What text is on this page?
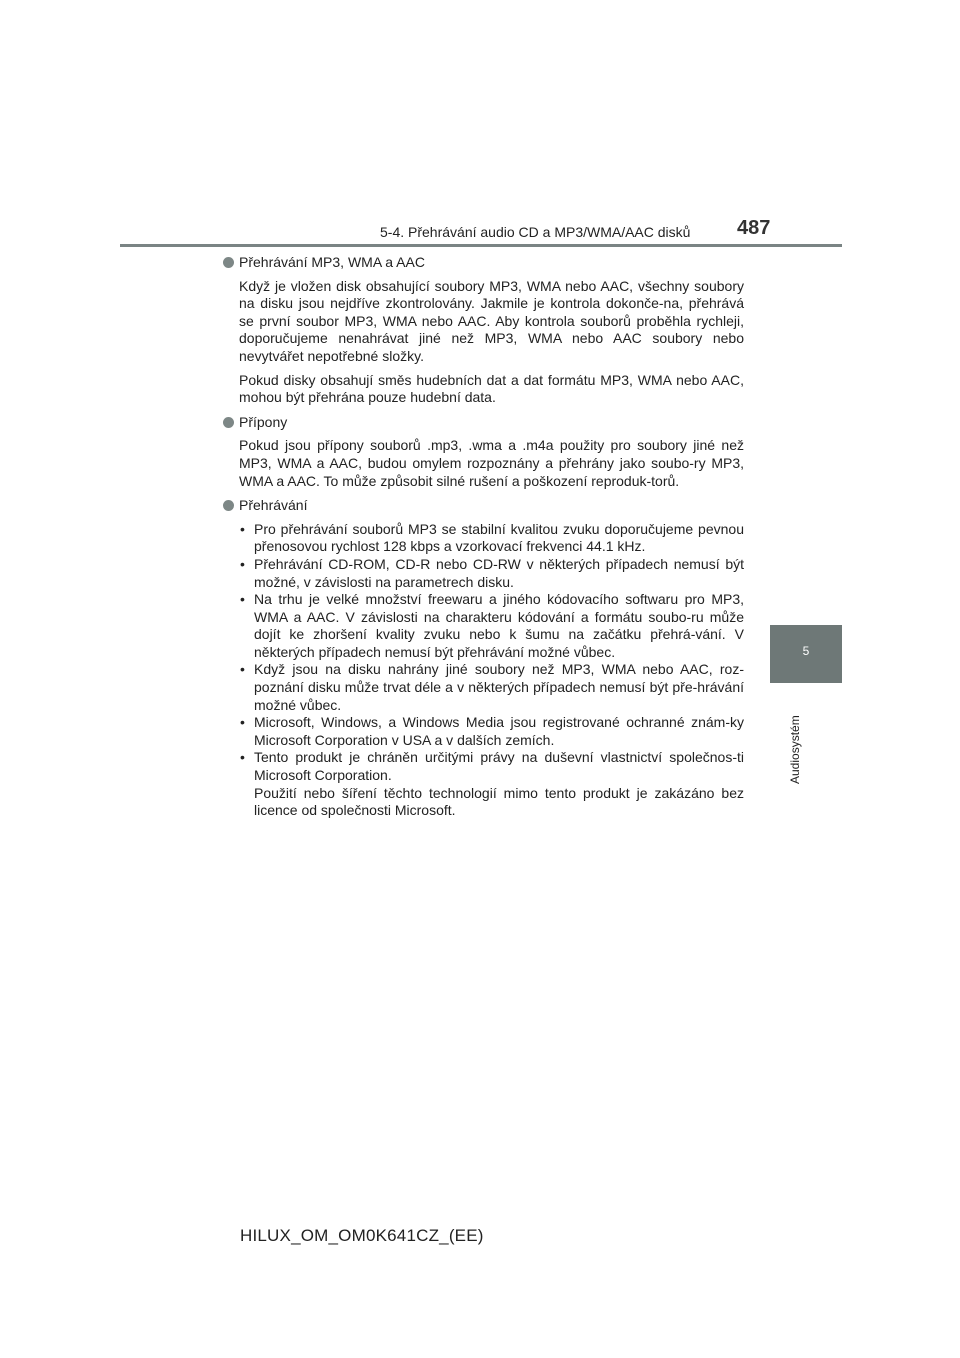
5-4. Přehrávání audio CD a MP3/WMA/AAC disků 487
5
Audiosystém
Přehrávání MP3, WMA a AAC

Když je vložen disk obsahující soubory MP3, WMA nebo AAC, všechny soubory na disku jsou nejdříve zkontrolovány. Jakmile je kontrola dokonče-na, přehrává se první soubor MP3, WMA nebo AAC. Aby kontrola souborů proběhla rychleji, doporučujeme nenahrávat jiné než MP3, WMA nebo AAC soubory nebo nevytvářet nepotřebné složky.

Pokud disky obsahují směs hudebních dat a dat formátu MP3, WMA nebo AAC, mohou být přehrána pouze hudební data.

Přípony

Pokud jsou přípony souborů .mp3, .wma a .m4a použity pro soubory jiné než MP3, WMA a AAC, budou omylem rozpoznány a přehrány jako soubo-ry MP3, WMA a AAC. To může způsobit silné rušení a poškození reproduk-torů.

Přehrávání
• Pro přehrávání souborů MP3 se stabilní kvalitou zvuku doporučujeme pevnou přenosovou rychlost 128 kbps a vzorkovací frekvenci 44.1 kHz.
• Přehrávání CD-ROM, CD-R nebo CD-RW v některých případech nemusí být možné, v závislosti na parametrech disku.
• Na trhu je velké množství freewaru a jiného kódovacího softwaru pro MP3, WMA a AAC. V závislosti na charakteru kódování a formátu soubo-ru může dojít ke zhoršení kvality zvuku nebo k šumu na začátku přehrá-vání. V některých případech nemusí být přehrávání možné vůbec.
• Když jsou na disku nahrány jiné soubory než MP3, WMA nebo AAC, roz-poznání disku může trvat déle a v některých případech nemusí být pře-hrávání možné vůbec.
• Microsoft, Windows, a Windows Media jsou registrované ochranné znám-ky Microsoft Corporation v USA a v dalších zemích.
• Tento produkt je chráněn určitými právy na duševní vlastnictví společnos-ti Microsoft Corporation.
Použití nebo šíření těchto technologií mimo tento produkt je zakázáno bez licence od společnosti Microsoft.
HILUX_OM_OM0K641CZ_(EE)
